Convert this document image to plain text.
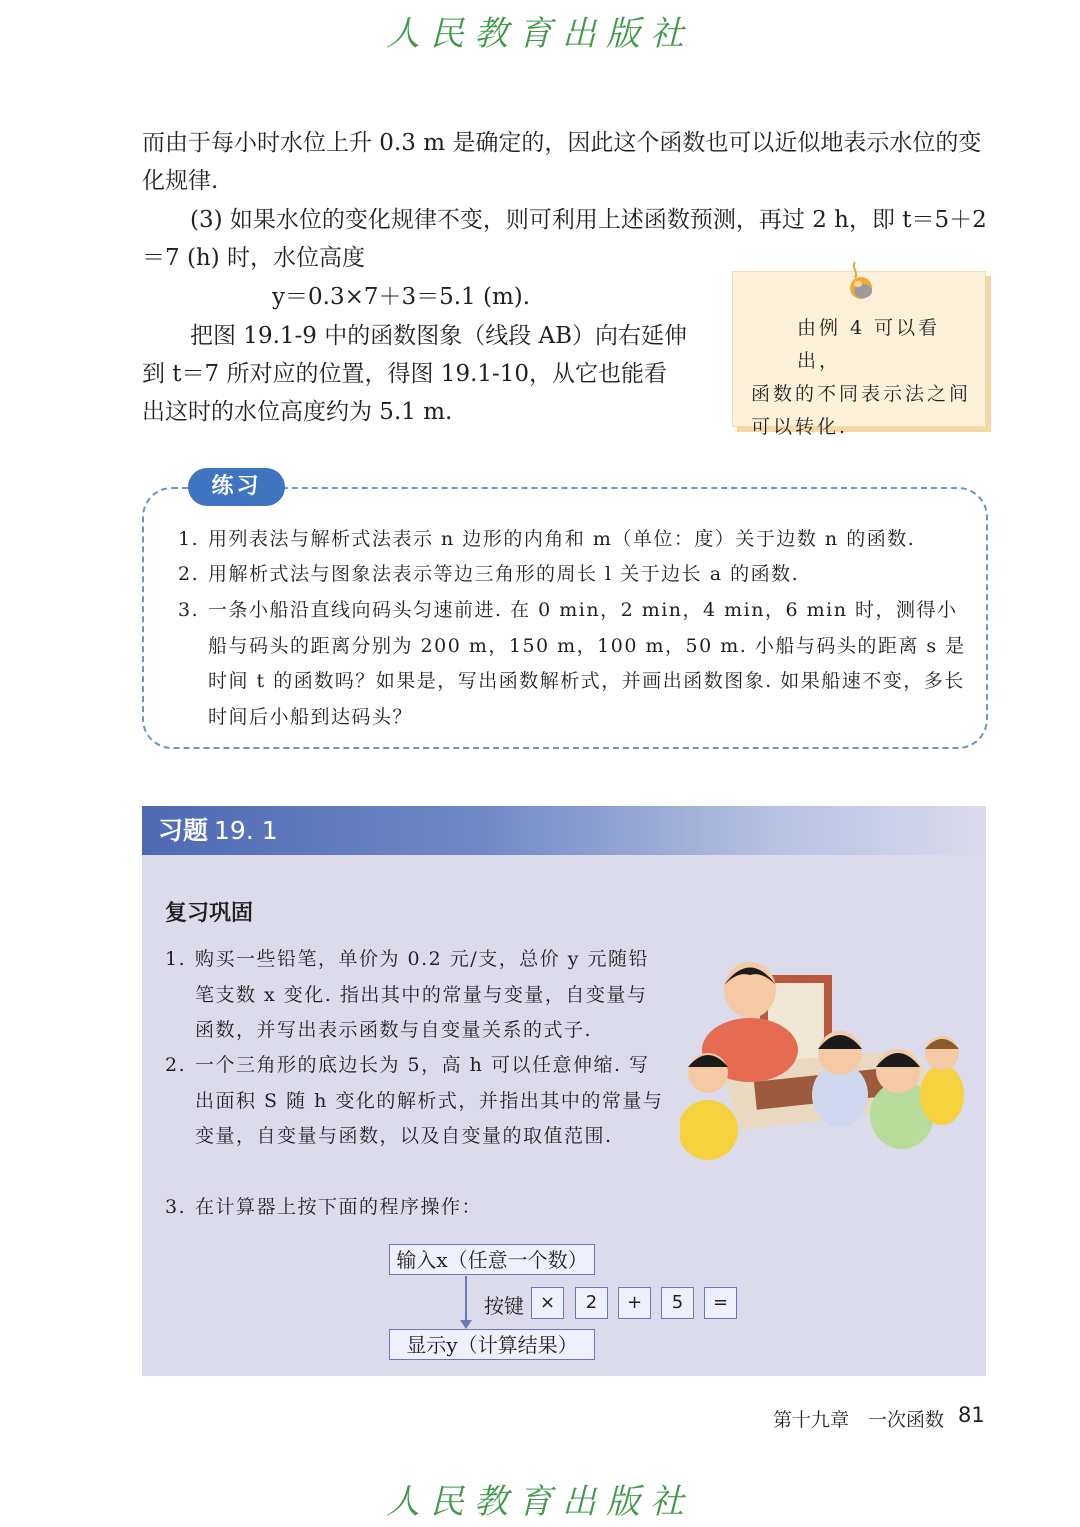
人民教育出版社

而由于每小时水位上升 0.3 m 是确定的，因此这个函数也可以近似地表示水位的变化规律.

(3) 如果水位的变化规律不变，则可利用上述函数预测，再过 2 h，即 t＝5＋2＝7 (h) 时，水位高度

y＝0.3×7＋3＝5.1 (m).

把图 19.1-9 中的函数图象（线段 AB）向右延伸到 t＝7 所对应的位置，得图 19.1-10，从它也能看出这时的水位高度约为 5.1 m.

由例 4 可以看出，
函数的不同表示法之间可以转化.
练习
1. 用列表法与解析式法表示 n 边形的内角和 m（单位：度）关于边数 n 的函数.
2. 用解析式法与图象法表示等边三角形的周长 l 关于边长 a 的函数.
3. 一条小船沿直线向码头匀速前进. 在 0 min，2 min，4 min，6 min 时，测得小船与码头的距离分别为 200 m，150 m，100 m，50 m. 小船与码头的距离 s 是时间 t 的函数吗？如果是，写出函数解析式，并画出函数图象. 如果船速不变，多长时间后小船到达码头？
习题 19. 1
复习巩固
1. 购买一些铅笔，单价为 0.2 元/支，总价 y 元随铅笔支数 x 变化. 指出其中的常量与变量，自变量与函数，并写出表示函数与自变量关系的式子.
2. 一个三角形的底边长为 5，高 h 可以任意伸缩. 写出面积 S 随 h 变化的解析式，并指出其中的常量与变量，自变量与函数，以及自变量的取值范围.
3. 在计算器上按下面的程序操作：
输入x（任意一个数）
按键 ×	2	+	5	=
显示y（计算结果）
第十九章　一次函数 81
人民教育出版社
